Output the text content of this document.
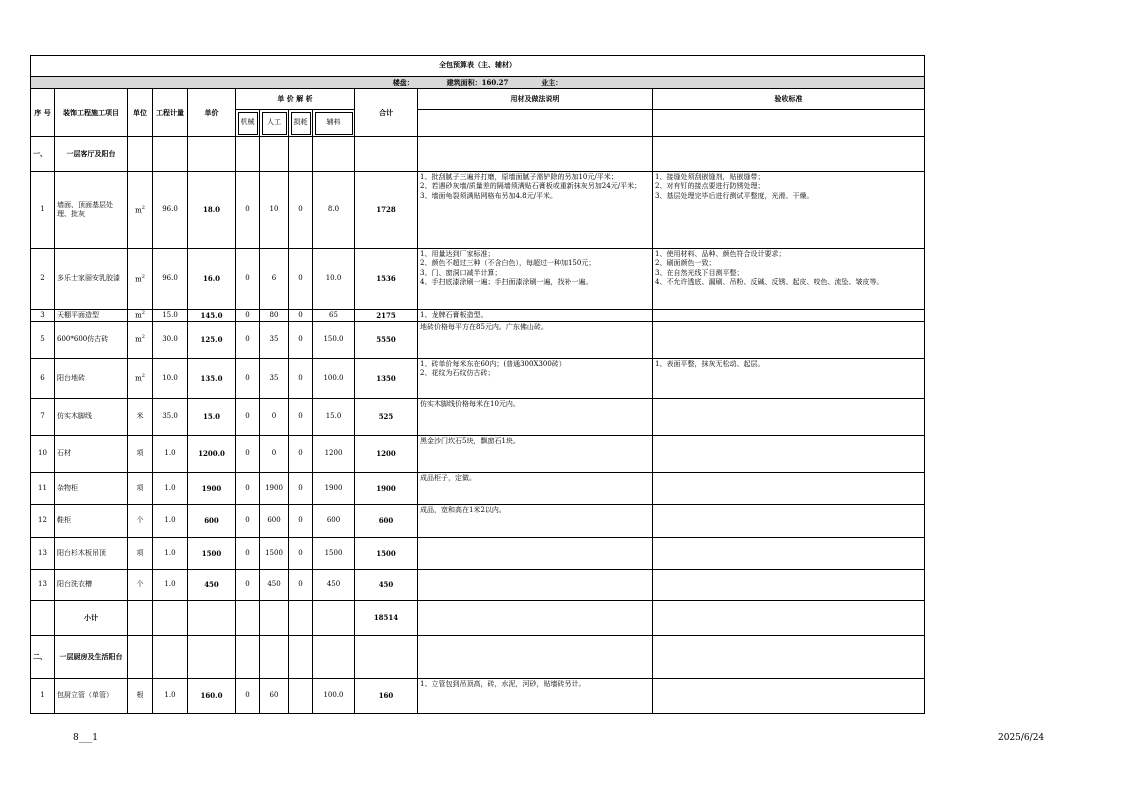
全包预算表（主、辅材）											
楼盘： 建筑面积：160.27 业主：											
序 号	装饰工程施工项目	单位	工程计量	单价	单 价 解 析				合计	用材及做法说明	验收标准
					机械	人工	损耗	辅料			
一、	一层客厅及阳台										
1	墙面、顶面基层处理、批灰	$m^2$	96.0	18.0	0	10	0	8.0	1728	1、批刮腻子三遍并打磨，原墙面腻子需铲除的另加10元/平米；
2、若遇砂灰墙/质量差的隔墙须满贴石膏板或重新抹灰另加24元/平米；
3、墙面龟裂须满贴网格布另加4.8元/平米。	1、接缝处须刮嵌缝剂，贴嵌缝带；
2、对有钉的接点要进行防锈处理；
3、基层处理完毕后进行测试平整度，光滑、干燥。
2	多乐士家丽安乳胶漆	$m^2$	96.0	16.0	0	6	0	10.0	1536	1、用量达到厂家标准；
2、颜色不超过三种（不含白色），每超过一种加150元；
3、门、窗洞口减半计算；
4、手扫底漆涂刷一遍；手扫面漆涂刷一遍，找补一遍。	1、使用材料、品种、颜色符合设计要求；
2、刷面颜色一致；
3、在自然光线下目测平整；
4、不允许透底、漏刷、吊粉、反碱、反锈、起皮、咬色、流坠、皱皮等。
3	天棚平面造型	$m^2$	15.0	145.0	0	80	0	65	2175	1、龙牌石膏板造型。	
5	600*600仿古砖	$m^2$	30.0	125.0	0	35	0	150.0	5550	地砖价格每平方在85元内。广东佛山砖。	
6	阳台地砖	$m^2$	10.0	135.0	0	35	0	100.0	1350	1、砖单价每米东在60内；(普通300X300砖）
2、花纹为石纹仿古砖；	1、表面平整，抹灰无松动、起层。
7	仿实木脚线	米	35.0	15.0	0	0	0	15.0	525	仿实木脚线价格每米在10元内。	
10	石材	项	1.0	1200.0	0	0	0	1200	1200	黑金沙门坎石5块，飘窗石1块。	
11	杂物柜	项	1.0	1900	0	1900	0	1900	1900	成品柜子，定做。	
12	鞋柜	个	1.0	600	0	600	0	600	600	成品，宽和高在1米2以内。	
13	阳台杉木板吊顶	项	1.0	1500	0	1500	0	1500	1500		
13	阳台洗衣槽	个	1.0	450	0	450	0	450	450		
	小计								18514		
二、	一层厨房及生活阳台										
1	包厨立管（单管）	根	1.0	160.0	0	60		100.0	160	1、立管包到吊顶高，砖，水泥，河砂，贴墙砖另计。	
8___1	2025/6/24
